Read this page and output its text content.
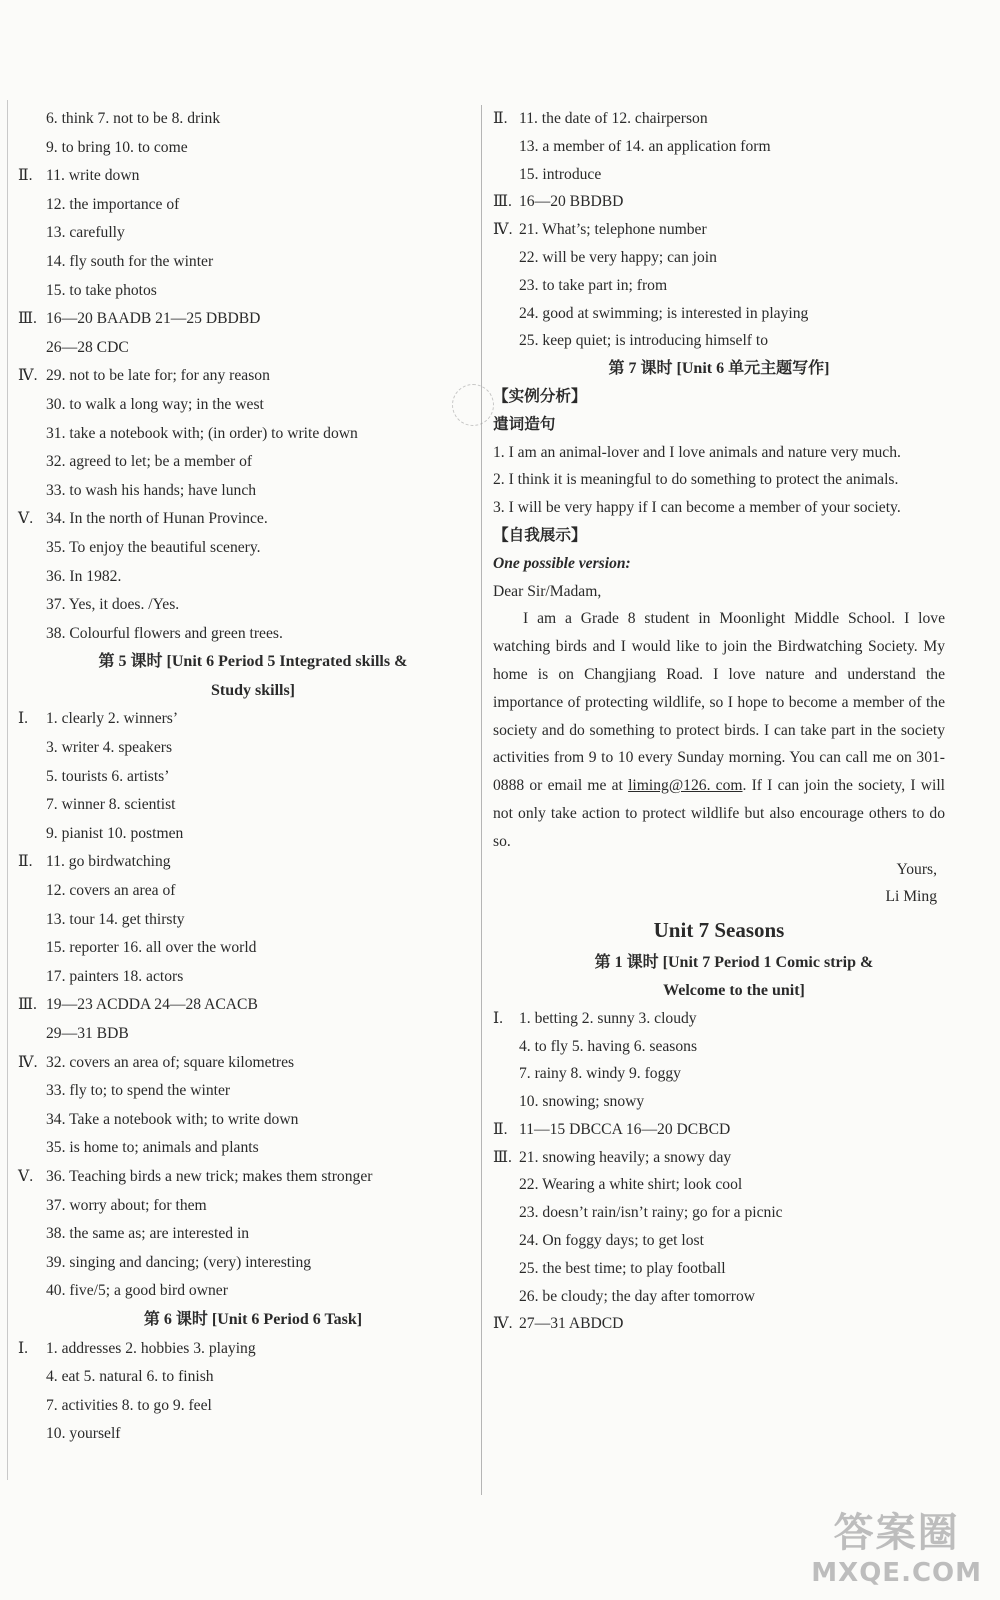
6. think 7. not to be 8. drink
9. to bring 10. to come
Ⅱ. 11. write down
12. the importance of
13. carefully
14. fly south for the winter
15. to take photos
Ⅲ. 16—20 BAADB 21—25 DBDBD
26—28 CDC
Ⅳ. 29. not to be late for; for any reason
30. to walk a long way; in the west
31. take a notebook with; (in order) to write down
32. agreed to let; be a member of
33. to wash his hands; have lunch
Ⅴ. 34. In the north of Hunan Province.
35. To enjoy the beautiful scenery.
36. In 1982.
37. Yes, it does. /Yes.
38. Colourful flowers and green trees.
第 5 课时 [Unit 6 Period 5 Integrated skills &
Study skills]
Ⅰ.	1. clearly 2. winners’
3. writer 4. speakers
5. tourists 6. artists’
7. winner 8. scientist
9. pianist 10. postmen
Ⅱ. 11. go birdwatching
12. covers an area of
13. tour 14. get thirsty
15. reporter 16. all over the world
17. painters 18. actors
Ⅲ. 19—23 ACDDA 24—28 ACACB
29—31 BDB
Ⅳ. 32. covers an area of; square kilometres
33. fly to; to spend the winter
34. Take a notebook with; to write down
35. is home to; animals and plants
Ⅴ. 36. Teaching birds a new trick; makes them stronger
37. worry about; for them
38. the same as; are interested in
39. singing and dancing; (very) interesting
40. five/5; a good bird owner
第 6 课时 [Unit 6 Period 6 Task]
Ⅰ.	1. addresses 2. hobbies 3. playing
4. eat 5. natural 6. to finish
7. activities 8. to go 9. feel
10. yourself
Ⅱ. 11. the date of 12. chairperson
13. a member of 14. an application form
15. introduce
Ⅲ. 16—20 BBDBD
Ⅳ. 21. What’s; telephone number
22. will be very happy; can join
23. to take part in; from
24. good at swimming; is interested in playing
25. keep quiet; is introducing himself to
第 7 课时 [Unit 6 单元主题写作]
【实例分析】
遣词造句
1. I am an animal-lover and I love animals and nature very much.
2. I think it is meaningful to do something to protect the animals.
3. I will be very happy if I can become a member of your society.
【自我展示】
One possible version:
Dear Sir/Madam,

I am a Grade 8 student in Moonlight Middle School. I love watching birds and I would like to join the Birdwatching Society. My home is on Changjiang Road. I love nature and understand the importance of protecting wildlife, so I hope to become a member of the society and do something to protect birds. I can take part in the society activities from 9 to 10 every Sunday morning. You can call me on 301-0888 or email me at liming@126. com. If I can join the society, I will not only take action to protect wildlife but also encourage others to do so.

Yours,
Li Ming
Unit 7 Seasons
第 1 课时 [Unit 7 Period 1 Comic strip &
Welcome to the unit]
Ⅰ.	1. betting 2. sunny 3. cloudy
4. to fly 5. having 6. seasons
7. rainy 8. windy 9. foggy
10. snowing; snowy
Ⅱ. 11—15 DBCCA 16—20 DCBCD
Ⅲ. 21. snowing heavily; a snowy day
22. Wearing a white shirt; look cool
23. doesn’t rain/isn’t rainy; go for a picnic
24. On foggy days; to get lost
25. the best time; to play football
26. be cloudy; the day after tomorrow
Ⅳ. 27—31 ABDCD
答案圈
MXQE.COM
